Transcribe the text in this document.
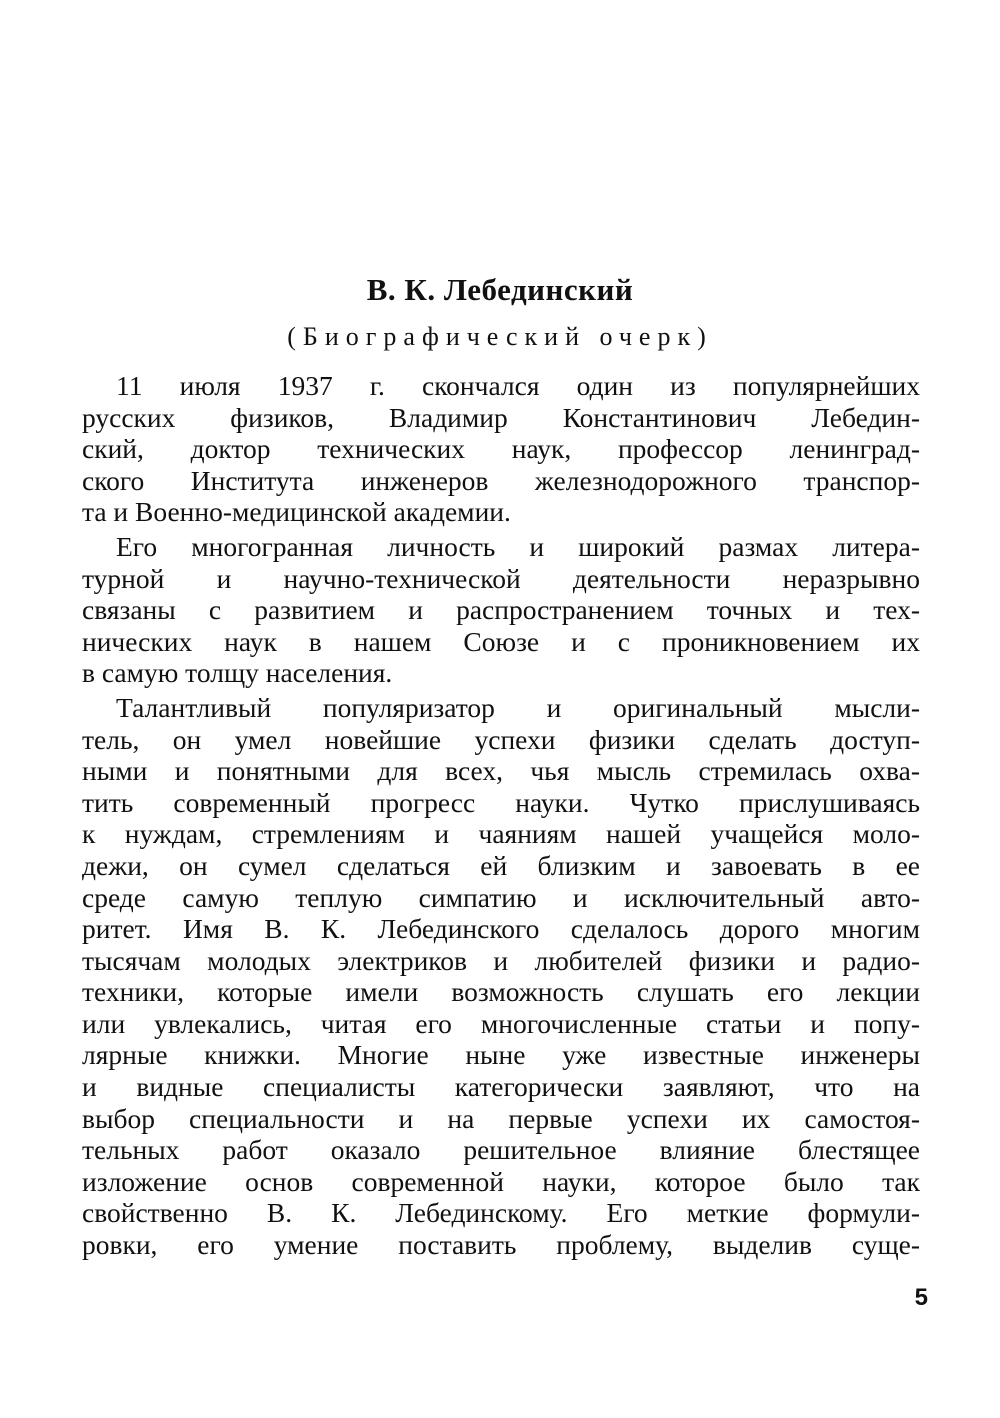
В. К. Лебединский
(Биографический очерк)
11 июля 1937 г. скончался один из популярнейших
русских физиков, Владимир Константинович Лебедин-
ский, доктор технических наук, профессор ленинград-
ского Института инженеров железнодорожного транспор-
та и Военно-медицинской академии.
Его многогранная личность и широкий размах литера-
турной и научно-технической деятельности неразрывно
связаны с развитием и распространением точных и тех-
нических наук в нашем Союзе и с проникновением их
в самую толщу населения.
Талантливый популяризатор и оригинальный мысли-
тель, он умел новейшие успехи физики сделать доступ-
ными и понятными для всех, чья мысль стремилась охва-
тить современный прогресс науки. Чутко прислушиваясь
к нуждам, стремлениям и чаяниям нашей учащейся моло-
дежи, он сумел сделаться ей близким и завоевать в ее
среде самую теплую симпатию и исключительный авто-
ритет. Имя В. К. Лебединского сделалось дорого многим
тысячам молодых электриков и любителей физики и радио-
техники, которые имели возможность слушать его лекции
или увлекались, читая его многочисленные статьи и попу-
лярные книжки. Многие ныне уже известные инженеры
и видные специалисты категорически заявляют, что на
выбор специальности и на первые успехи их самостоя-
тельных работ оказало решительное влияние блестящее
изложение основ современной науки, которое было так
свойственно В. К. Лебединскому. Его меткие формули-
ровки, его умение поставить проблему, выделив суще-
5
